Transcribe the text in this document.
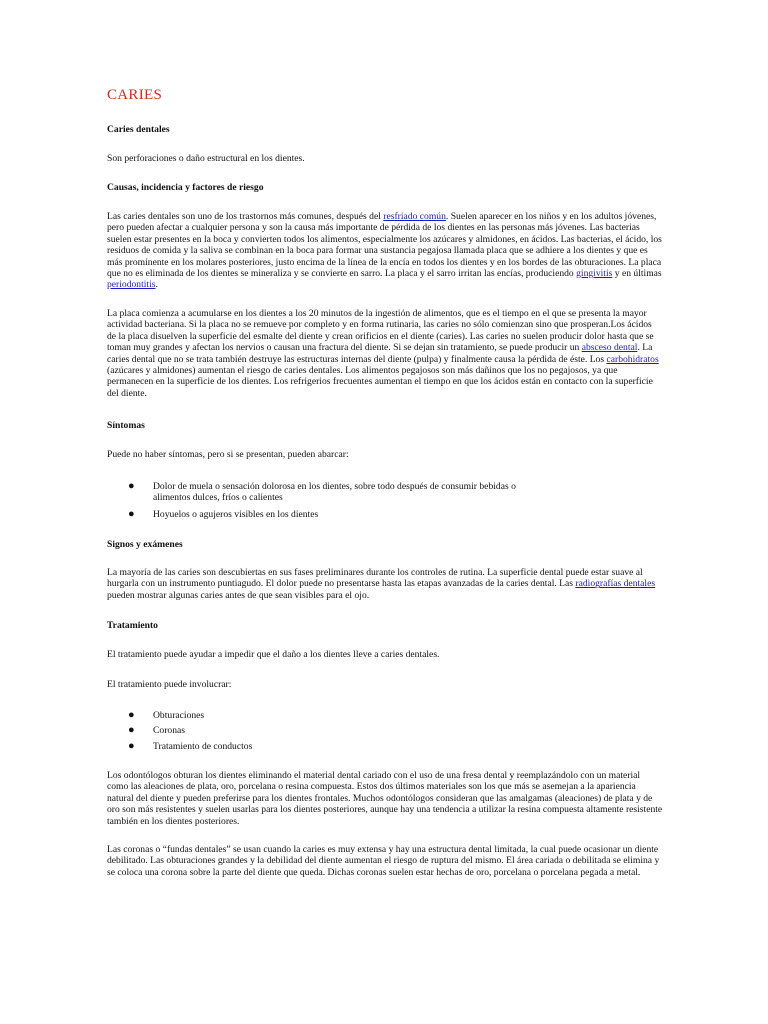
CARIES
Caries dentales
Son perforaciones o daño estructural en los dientes.
Causas, incidencia y factores de riesgo
Las caries dentales son uno de los trastornos más comunes, después del resfriado común. Suelen aparecer en los niños y en los adultos jóvenes, pero pueden afectar a cualquier persona y son la causa más importante de pérdida de los dientes en las personas más jóvenes. Las bacterias suelen estar presentes en la boca y convierten todos los alimentos, especialmente los azúcares y almidones, en ácidos. Las bacterias, el ácido, los residuos de comida y la saliva se combinan en la boca para formar una sustancia pegajosa llamada placa que se adhiere a los dientes y que es más prominente en los molares posteriores, justo encima de la línea de la encía en todos los dientes y en los bordes de las obturaciones. La placa que no es eliminada de los dientes se mineraliza y se convierte en sarro. La placa y el sarro irritan las encías, produciendo gingivitis y en últimas periodontitis.
La placa comienza a acumularse en los dientes a los 20 minutos de la ingestión de alimentos, que es el tiempo en el que se presenta la mayor actividad bacteriana. Si la placa no se remueve por completo y en forma rutinaria, las caries no sólo comienzan sino que prosperan.Los ácidos de la placa disuelven la superficie del esmalte del diente y crean orificios en el diente (caries). Las caries no suelen producir dolor hasta que se toman muy grandes y afectan los nervios o causan una fractura del diente. Si se dejan sin tratamiento, se puede producir un absceso dental. La caries dental que no se trata también destruye las estructuras internas del diente (pulpa) y finalmente causa la pérdida de éste. Los carbohidratos (azúcares y almidones) aumentan el riesgo de caries dentales. Los alimentos pegajosos son más dañinos que los no pegajosos, ya que permanecen en la superficie de los dientes. Los refrigerios frecuentes aumentan el tiempo en que los ácidos están en contacto con la superficie del diente.
Síntomas
Puede no haber síntomas, pero si se presentan, pueden abarcar:
● Dolor de muela o sensación dolorosa en los dientes, sobre todo después de consumir bebidas o alimentos dulces, fríos o calientes
● Hoyuelos o agujeros visibles en los dientes
Signos y exámenes
La mayoría de las caries son descubiertas en sus fases preliminares durante los controles de rutina. La superficie dental puede estar suave al hurgarla con un instrumento puntiagudo. El dolor puede no presentarse hasta las etapas avanzadas de la caries dental. Las radiografías dentales pueden mostrar algunas caries antes de que sean visibles para el ojo.
Tratamiento
El tratamiento puede ayudar a impedir que el daño a los dientes lleve a caries dentales.
El tratamiento puede involucrar:
● Obturaciones
● Coronas
● Tratamiento de conductos
Los odontólogos obturan los dientes eliminando el material dental cariado con el uso de una fresa dental y reemplazándolo con un material como las aleaciones de plata, oro, porcelana o resina compuesta. Estos dos últimos materiales son los que más se asemejan a la apariencia natural del diente y pueden preferirse para los dientes frontales. Muchos odontólogos consideran que las amalgamas (aleaciones) de plata y de oro son más resistentes y suelen usarlas para los dientes posteriores, aunque hay una tendencia a utilizar la resina compuesta altamente resistente también en los dientes posteriores.
Las coronas o “fundas dentales” se usan cuando la caries es muy extensa y hay una estructura dental limitada, la cual puede ocasionar un diente debilitado. Las obturaciones grandes y la debilidad del diente aumentan el riesgo de ruptura del mismo. El área cariada o debilitada se elimina y se coloca una corona sobre la parte del diente que queda. Dichas coronas suelen estar hechas de oro, porcelana o porcelana pegada a metal.
